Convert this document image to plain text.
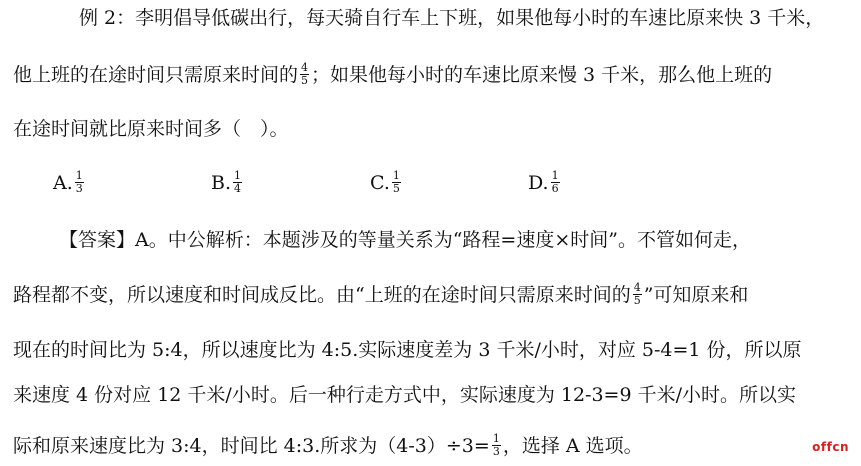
例 2：李明倡导低碳出行，每天骑自行车上下班，如果他每小时的车速比原来快 3 千米，
他上班的在途时间只需原来时间的 $\frac{4}{5}$ ；如果他每小时的车速比原来慢 3 千米，那么他上班的
在途时间就比原来时间多（　）。
A. $\frac{1}{3}$	B. $\frac{1}{4}$	C. $\frac{1}{5}$	D. $\frac{1}{6}$
【答案】A。中公解析：本题涉及的等量关系为“路程=速度×时间”。不管如何走，
路程都不变，所以速度和时间成反比。由“上班的在途时间只需原来时间的 $\frac{4}{5}$ ”可知原来和
现在的时间比为 5:4，所以速度比为 4:5.实际速度差为 3 千米/小时，对应 5-4=1 份，所以原
来速度 4 份对应 12 千米/小时。后一种行走方式中，实际速度为 12-3=9 千米/小时。所以实
际和原来速度比为 3:4，时间比 4:3.所求为$(4-3)\div 3= \frac{1}{3}$ ，选择 A 选项。	offcn
